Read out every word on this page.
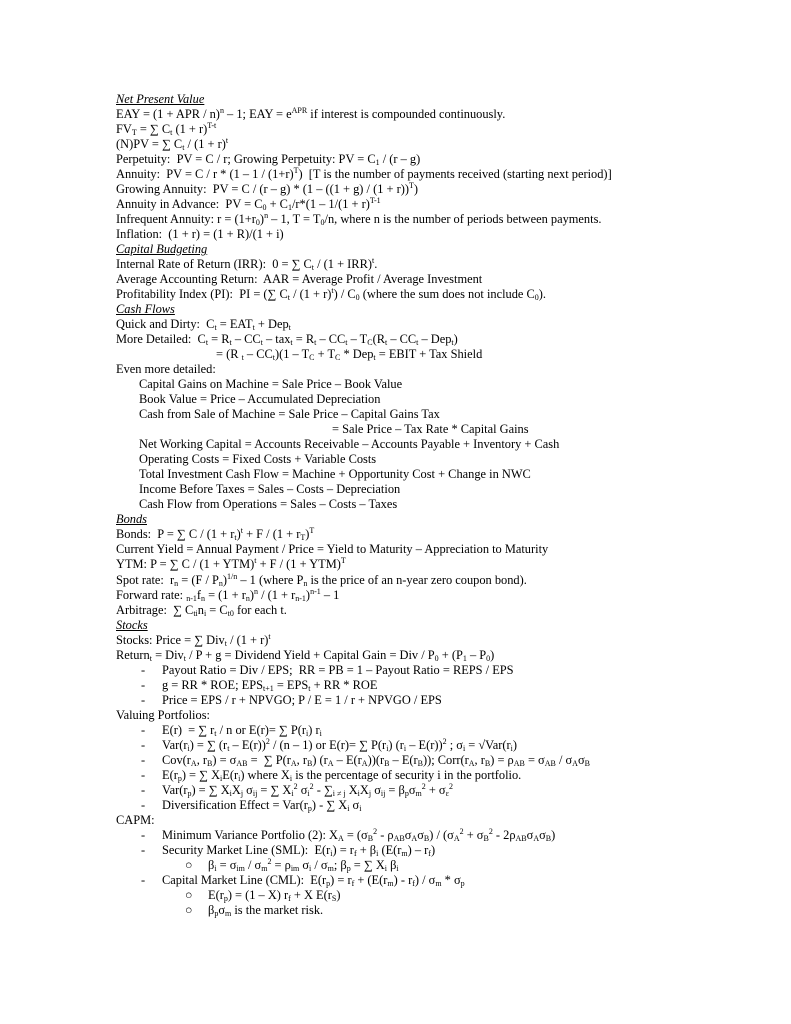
Net Present Value
EAY = (1 + APR / n)$^n$ – 1; EAY = $e^{APR}$ if interest is compounded continuously.
$FV_T$ = ∑ $C_t$ $(1 + r)^{T-t}$
(N)PV = ∑ $C_t / (1 + r)^t$
Perpetuity:  PV = C / r; Growing Perpetuity: PV = $C_1 / (r - g)$
Annuity:  PV = $C / r * (1 - 1 / (1+r)^T)$  [T is the number of payments received (starting next period)]
Growing Annuity:  PV = $C / (r - g) * (1 - ((1 + g) / (1 + r))^T)$
Annuity in Advance:  PV = $C_0 + C_1/r*(1 - 1/(1 + r)^{T-1}$
Infrequent Annuity: $r = (1+r_0)^n - 1$, $T = T_0/n$, where n is the number of periods between payments.
Inflation:  (1 + r) = (1 + R)/(1 + i)
Capital Budgeting
Internal Rate of Return (IRR):  0 = ∑ $C_t / (1 + IRR)^t$.
Average Accounting Return:  AAR = Average Profit / Average Investment
Profitability Index (PI):  PI = (∑ $C_t / (1 + r)^t) / C_0$ (where the sum does not include $C_0$).
Cash Flows
Quick and Dirty:  $C_t = EAT_t + Dep_t$
More Detailed:  $C_t = R_t - CC_t - tax_t = R_t - CC_t - T_C(R_t - CC_t - Dep_t)$
= (R $_t - CC_t)(1 - T_C + T_C * Dep_t$ = EBIT + Tax Shield
Even more detailed:
Capital Gains on Machine = Sale Price – Book Value
Book Value = Price – Accumulated Depreciation
Cash from Sale of Machine = Sale Price – Capital Gains Tax
= Sale Price – Tax Rate * Capital Gains
Net Working Capital = Accounts Receivable – Accounts Payable + Inventory + Cash
Operating Costs = Fixed Costs + Variable Costs
Total Investment Cash Flow = Machine + Opportunity Cost + Change in NWC
Income Before Taxes = Sales – Costs – Depreciation
Cash Flow from Operations = Sales – Costs – Taxes
Bonds
Bonds:  P = ∑ $C / (1 + r_t)^t + F / (1 + r_T)^T$
Current Yield = Annual Payment / Price = Yield to Maturity – Appreciation to Maturity
YTM: P = ∑ C / (1 + YTM)$^t$ + F / (1 + YTM)$^T$
Spot rate:  $r_n = (F / P_n)^{1/n} - 1$ (where $P_n$ is the price of an n-year zero coupon bond).
Forward rate: $_{n-1}f_n = (1 + r_n)^n / (1 + r_{n-1})^{n-1} - 1$
Arbitrage:  ∑ $C_{ti}n_i = C_{t0}$ for each t.
Stocks
Stocks: Price = ∑ $Div_t / (1 + r)^t$
Return$_t$ = Div$_t$ / P + g = Dividend Yield + Capital Gain = Div / $P_0 + (P_1 - P_0)$
- Payout Ratio = Div / EPS;  RR = PB = 1 – Payout Ratio = REPS / EPS
- g = RR * ROE; $EPS_{t+1} = EPS_t$ + RR * ROE
- Price = EPS / r + NPVGO; P / E = 1 / r + NPVGO / EPS
Valuing Portfolios:
- E(r)  = ∑ $r_t$ / n or E(r)= ∑ $P(r_i)$ $r_i$
- $Var(r_i)$ = ∑ $(r_t - E(r))^2 / (n - 1)$ or E(r)= ∑ $P(r_i)$ $(r_i - E(r))^2$ ; $\sigma_i = √Var(r_i)$
- $Cov(r_A$, $r_B) = \sigma_{AB}$ =  ∑ $P(r_A$, $r_B$) $(r_A - E(r_A))(r_B - E(r_B))$; $Corr(r_A$, $r_B) = \rho_{AB} = \sigma_{AB} / \sigma_A\sigma_B$
- $E(r_p)$ = ∑ $X_iE(r_i)$ where $X_i$ is the percentage of security i in the portfolio.
- $Var(r_p)$ = ∑ $X_iX_j$ $\sigma_{ij}$ = ∑ $X_i^2$ $\sigma_i^2 - \sum_{i \ne j}$ $X_iX_j$ $\sigma_{ij} = \beta_p\sigma_m^2 + \sigma_\varepsilon^2$
- Diversification Effect = $Var(r_p)$ - ∑ $X_i$ $\sigma_i$
CAPM:
- Minimum Variance Portfolio (2): $X_A = (\sigma_B^2 - \rho_{AB}\sigma_A\sigma_B) / (\sigma_A^2 + \sigma_B^2 - 2\rho_{AB}\sigma_A\sigma_B)$
- Security Market Line (SML):  $E(r_i) = r_f + \beta_i$ $(E(r_m) - r_f)$
○ $\beta_i = \sigma_{im} / \sigma_m^2 = \rho_{im}$ $\sigma_i / \sigma_m$; $\beta_p$ = ∑ $X_i$ $\beta_i$
- Capital Market Line (CML):  $E(r_p) = r_f + (E(r_m) - r_f) / \sigma_m * \sigma_p$
○ $E(r_p) = (1 - X) r_f + X$ $E(r_S)$
○ $\beta_p\sigma_m$ is the market risk.
